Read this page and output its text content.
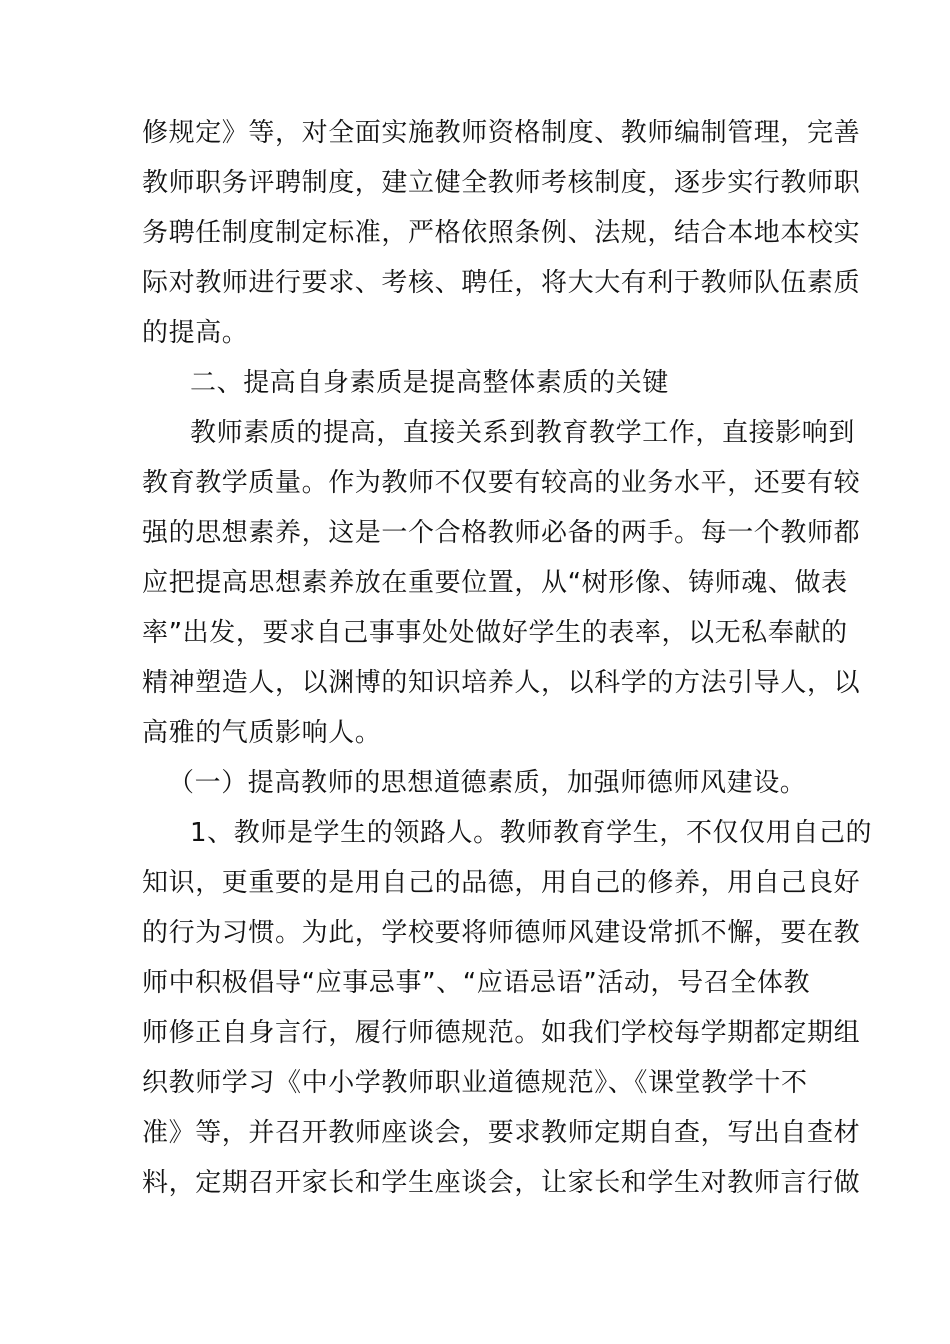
修规定》等，对全面实施教师资格制度、教师编制管理，完善
教师职务评聘制度，建立健全教师考核制度，逐步实行教师职
务聘任制度制定标准，严格依照条例、法规，结合本地本校实
际对教师进行要求、考核、聘任，将大大有利于教师队伍素质
的提高。
二、提高自身素质是提高整体素质的关键
教师素质的提高，直接关系到教育教学工作，直接影响到
教育教学质量。作为教师不仅要有较高的业务水平，还要有较
强的思想素养，这是一个合格教师必备的两手。每一个教师都
应把提高思想素养放在重要位置，从“树形像、铸师魂、做表
率”出发，要求自己事事处处做好学生的表率，以无私奉献的
精神塑造人，以渊博的知识培养人，以科学的方法引导人，以
高雅的气质影响人。
（一）提高教师的思想道德素质，加强师德师风建设。
1、教师是学生的领路人。教师教育学生，不仅仅用自己的
知识，更重要的是用自己的品德，用自己的修养，用自己良好
的行为习惯。为此，学校要将师德师风建设常抓不懈，要在教
师中积极倡导“应事忌事”、“应语忌语”活动，号召全体教
师修正自身言行，履行师德规范。如我们学校每学期都定期组
织教师学习《中小学教师职业道德规范》、《课堂教学十不
准》等，并召开教师座谈会，要求教师定期自查，写出自查材
料，定期召开家长和学生座谈会，让家长和学生对教师言行做
